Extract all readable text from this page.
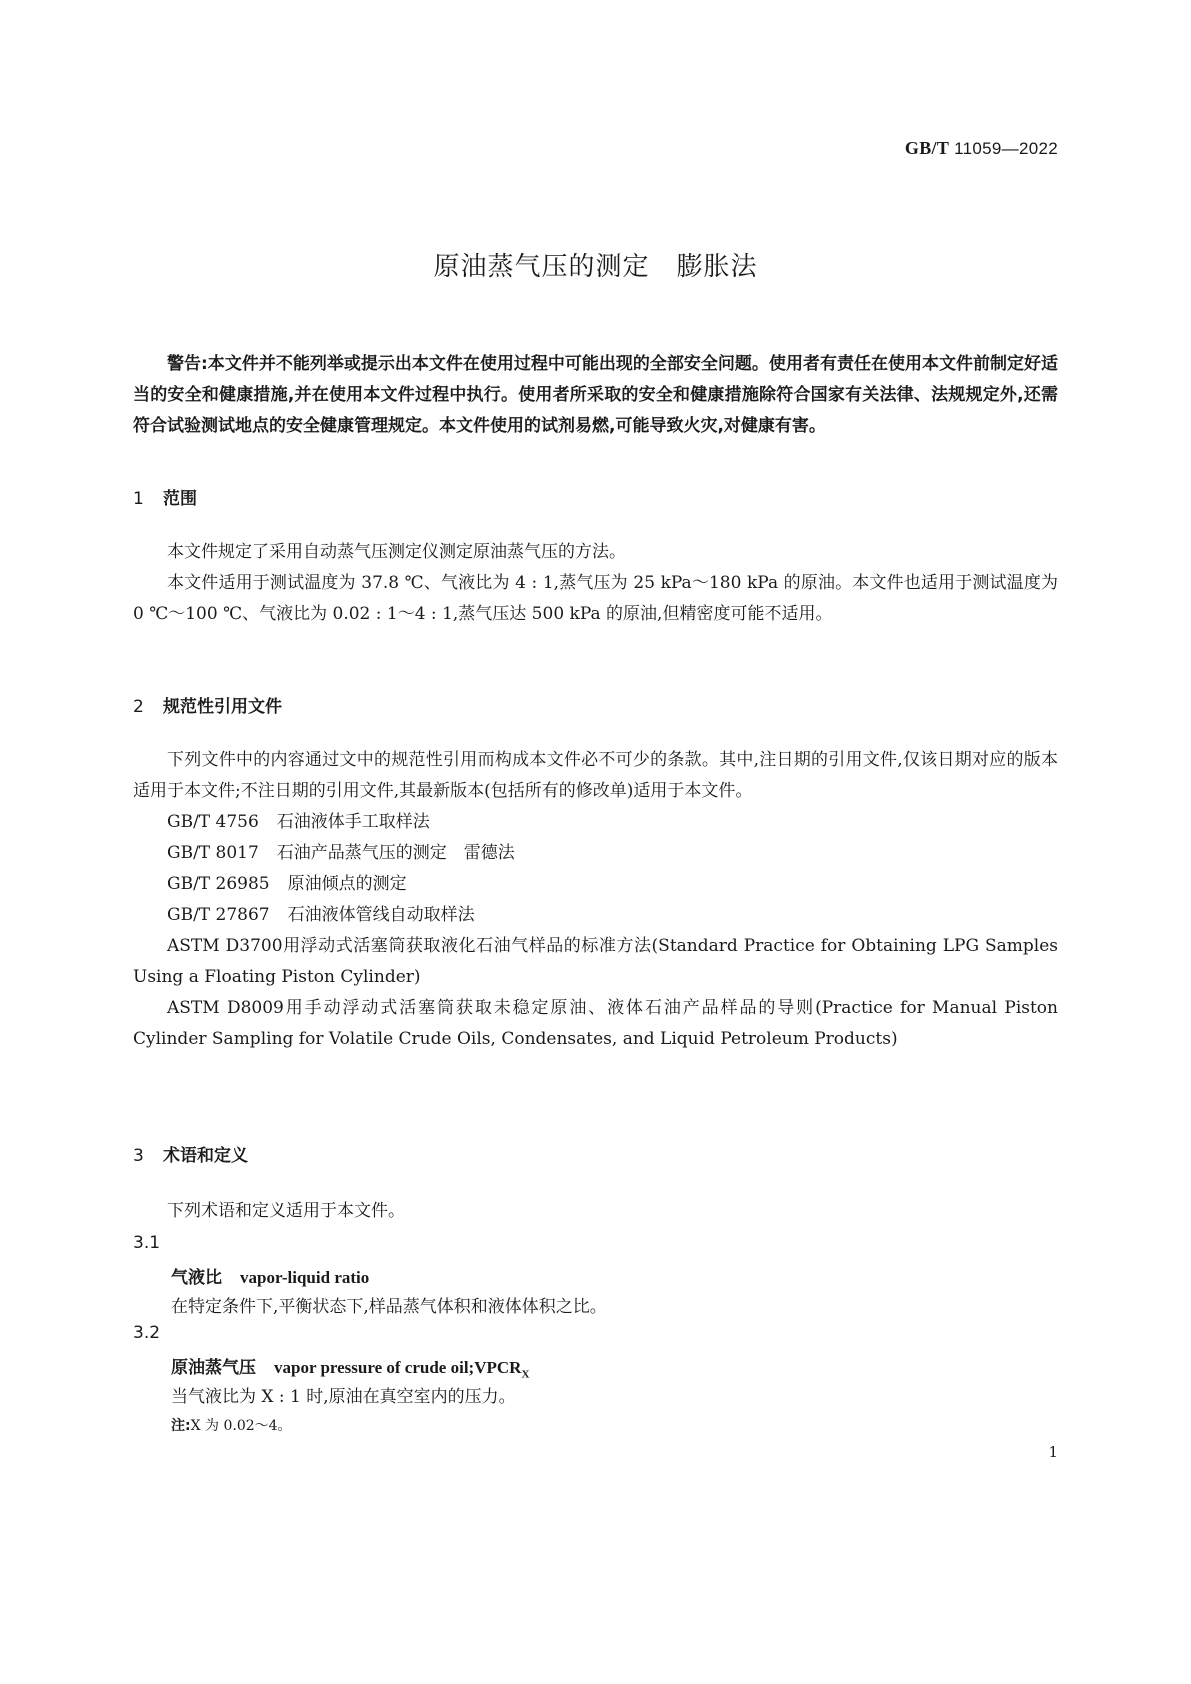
GB/T 11059—2022
原油蒸气压的测定　膨胀法

警告:本文件并不能列举或提示出本文件在使用过程中可能出现的全部安全问题。使用者有责任在使用本文件前制定好适当的安全和健康措施,并在使用本文件过程中执行。使用者所采取的安全和健康措施除符合国家有关法律、法规规定外,还需符合试验测试地点的安全健康管理规定。本文件使用的试剂易燃,可能导致火灾,对健康有害。

1 范围

本文件规定了采用自动蒸气压测定仪测定原油蒸气压的方法。

本文件适用于测试温度为 37.8 ℃、气液比为 4 : 1,蒸气压为 25 kPa～180 kPa 的原油。本文件也适用于测试温度为 0 ℃～100 ℃、气液比为 0.02 : 1～4 : 1,蒸气压达 500 kPa 的原油,但精密度可能不适用。

2 规范性引用文件

下列文件中的内容通过文中的规范性引用而构成本文件必不可少的条款。其中,注日期的引用文件,仅该日期对应的版本适用于本文件;不注日期的引用文件,其最新版本(包括所有的修改单)适用于本文件。

GB/T 4756 石油液体手工取样法

GB/T 8017 石油产品蒸气压的测定　雷德法

GB/T 26985 原油倾点的测定

GB/T 27867 石油液体管线自动取样法

ASTM D3700用浮动式活塞筒获取液化石油气样品的标准方法(Standard Practice for Obtaining LPG Samples Using a Floating Piston Cylinder)

ASTM D8009用手动浮动式活塞筒获取未稳定原油、液体石油产品样品的导则(Practice for Manual Piston Cylinder Sampling for Volatile Crude Oils, Condensates, and Liquid Petroleum Products)

3 术语和定义

下列术语和定义适用于本文件。

3.1
气液比 vapor-liquid ratio
在特定条件下,平衡状态下,样品蒸气体积和液体体积之比。
3.2
原油蒸气压 vapor pressure of crude $oil;VPCR_X$
当气液比为 X : 1 时,原油在真空室内的压力。
注:X 为 0.02～4。
1
